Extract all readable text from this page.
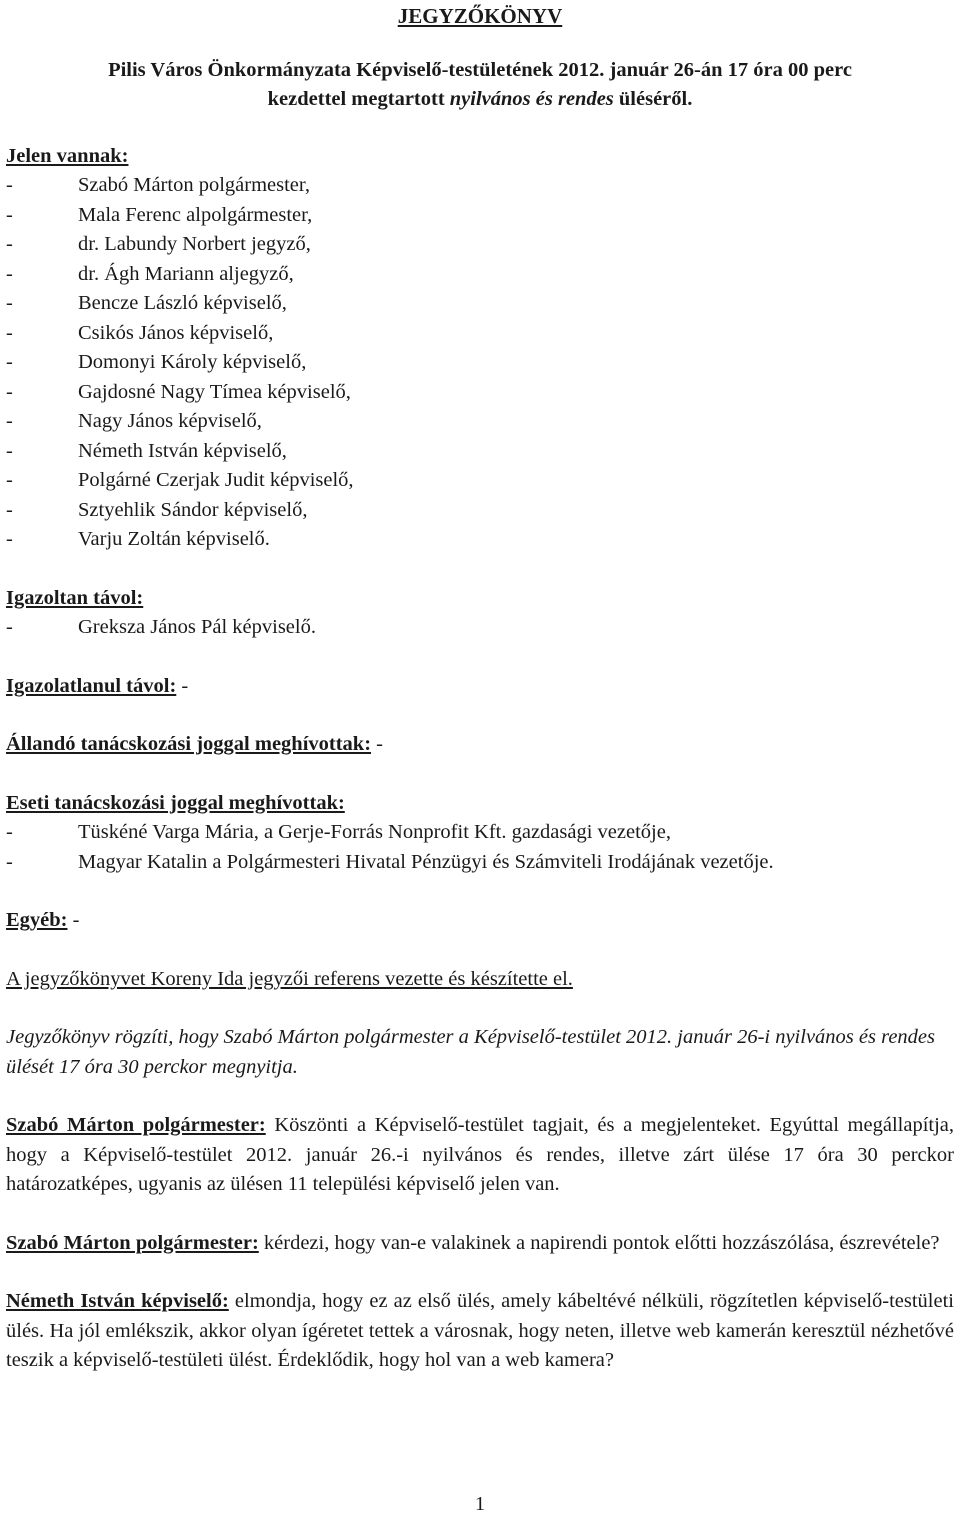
JEGYZŐKÖNYV
Pilis Város Önkormányzata Képviselő-testületének 2012. január 26-án 17 óra 00 perc
kezdettel megtartott nyilvános és rendes üléséről.
Jelen vannak:
- Szabó Márton polgármester,
- Mala Ferenc alpolgármester,
- dr. Labundy Norbert jegyző,
- dr. Ágh Mariann aljegyző,
- Bencze László képviselő,
- Csikós János képviselő,
- Domonyi Károly képviselő,
- Gajdosné Nagy Tímea képviselő,
- Nagy János képviselő,
- Németh István képviselő,
- Polgárné Czerjak Judit képviselő,
- Sztyehlik Sándor képviselő,
- Varju Zoltán képviselő.
Igazoltan távol:
- Greksza János Pál képviselő.
Igazolatlanul távol: -
Állandó tanácskozási joggal meghívottak: -
Eseti tanácskozási joggal meghívottak:
- Tüskéné Varga Mária, a Gerje-Forrás Nonprofit Kft. gazdasági vezetője,
- Magyar Katalin a Polgármesteri Hivatal Pénzügyi és Számviteli Irodájának vezetője.
Egyéb: -
A jegyzőkönyvet Koreny Ida jegyzői referens vezette és készítette el.
Jegyzőkönyv rögzíti, hogy Szabó Márton polgármester a Képviselő-testület 2012. január 26-i nyilvános és rendes ülését 17 óra 30 perckor megnyitja.
Szabó Márton polgármester: Köszönti a Képviselő-testület tagjait, és a megjelenteket. Egyúttal megállapítja, hogy a Képviselő-testület 2012. január 26.-i nyilvános és rendes, illetve zárt ülése 17 óra 30 perckor határozatképes, ugyanis az ülésen 11 települési képviselő jelen van.
Szabó Márton polgármester: kérdezi, hogy van-e valakinek a napirendi pontok előtti hozzászólása, észrevétele?
Németh István képviselő: elmondja, hogy ez az első ülés, amely kábeltévé nélküli, rögzítetlen képviselő-testületi ülés. Ha jól emlékszik, akkor olyan ígéretet tettek a városnak, hogy neten, illetve web kamerán keresztül nézhetővé teszik a képviselő-testületi ülést. Érdeklődik, hogy hol van a web kamera?
1
